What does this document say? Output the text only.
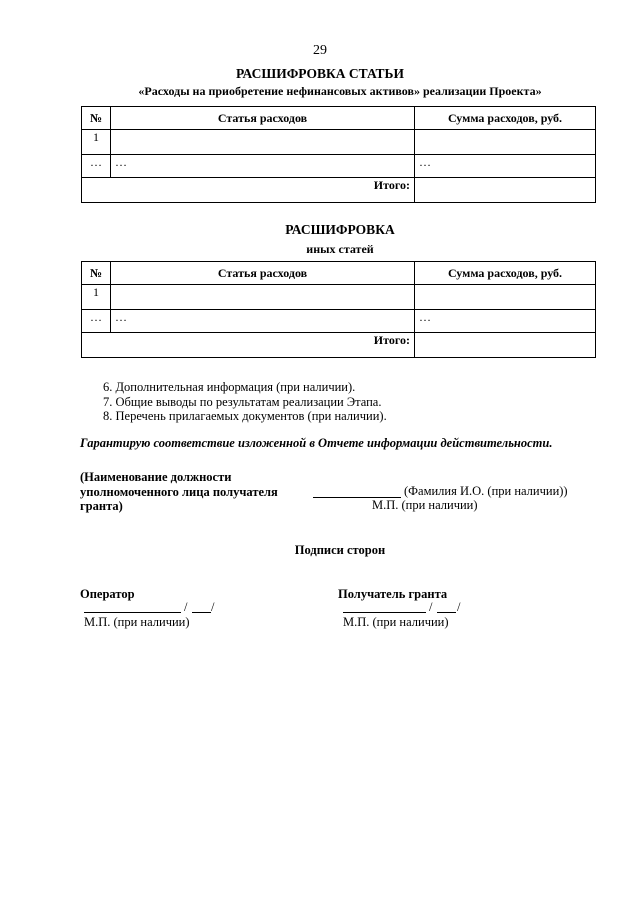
29
РАСШИФРОВКА СТАТЬИ
«Расходы на приобретение нефинансовых активов» реализации Проекта»
№	Статья расходов	Сумма расходов, руб.
1		
…	…	…
Итого:		
РАСШИФРОВКА
иных статей
№	Статья расходов	Сумма расходов, руб.
1		
…	…	…
Итого:		
6. Дополнительная информация (при наличии).
7. Общие выводы по результатам реализации Этапа.
8. Перечень прилагаемых документов (при наличии).
Гарантирую соответствие изложенной в Отчете информации действительности.
(Наименование должности
уполномоченного лица получателя
гранта)
(Фамилия И.О. (при наличии))
М.П. (при наличии)
Подписи сторон
Оператор
/ /
М.П. (при наличии)
Получатель гранта
/ /
М.П. (при наличии)
